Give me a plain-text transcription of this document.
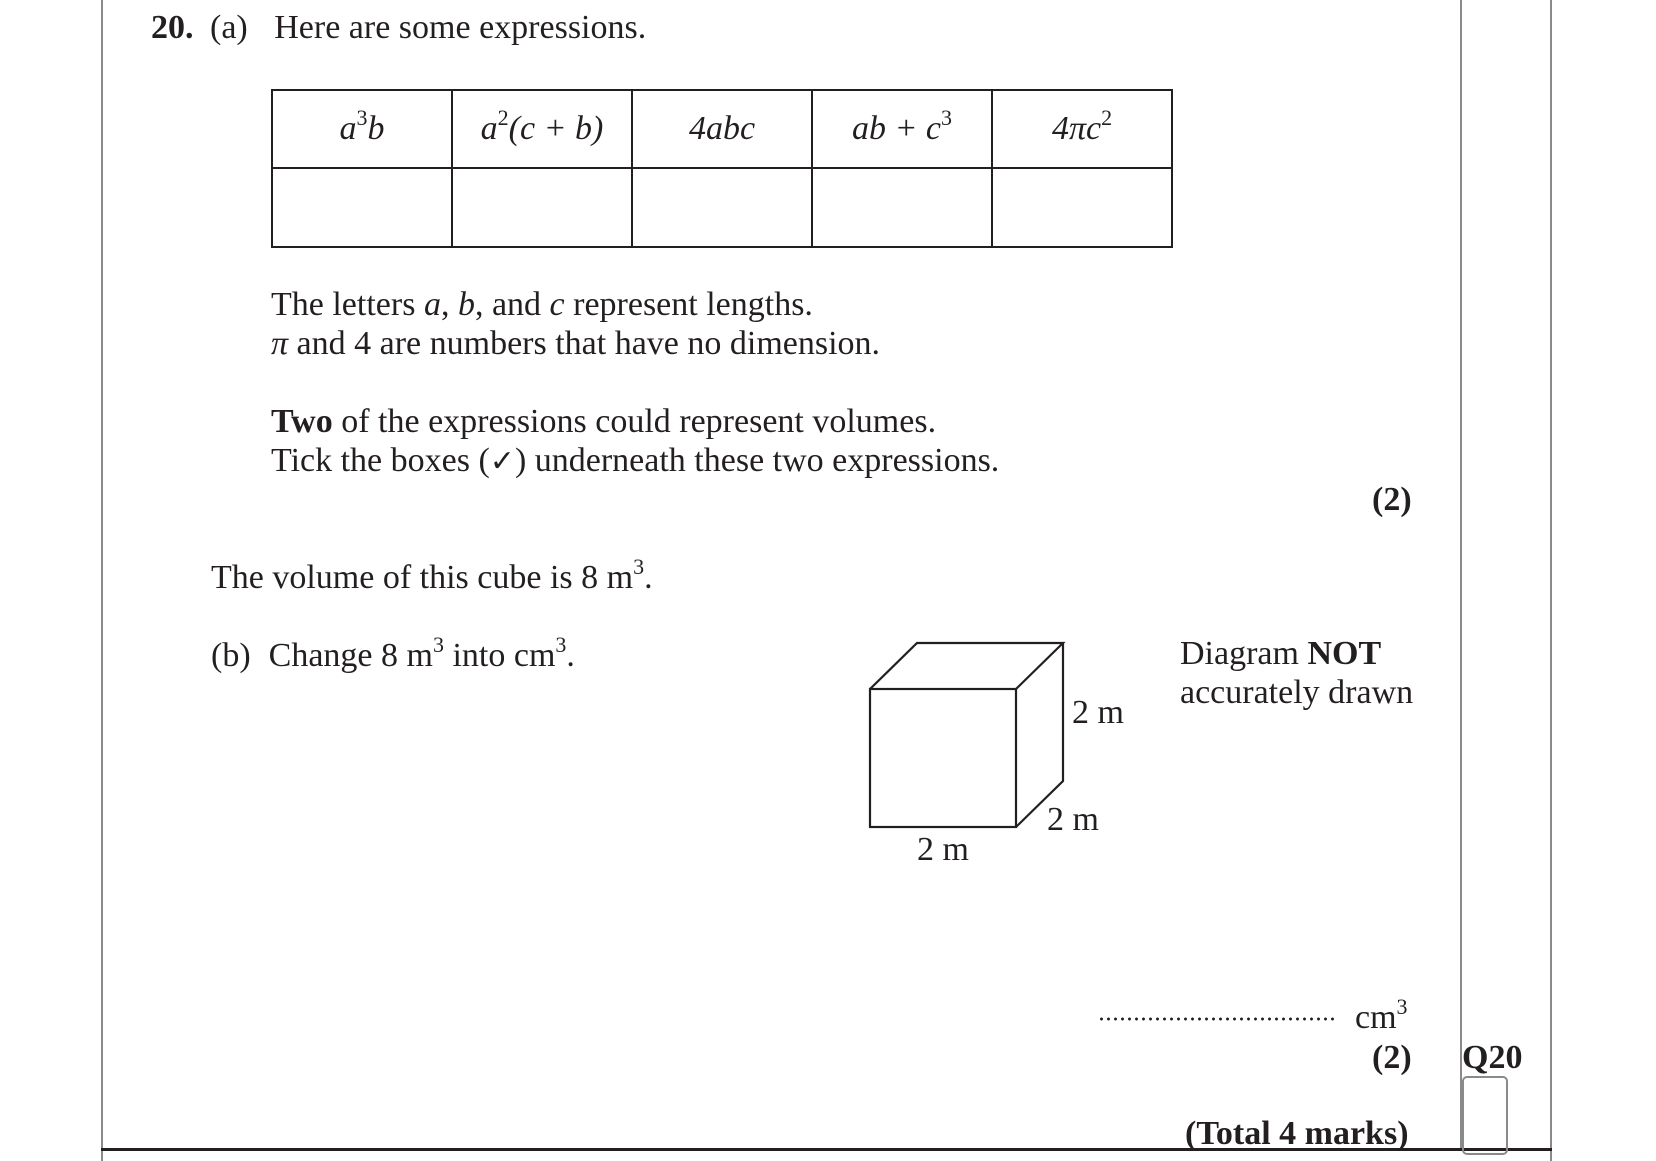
20. (a) Here are some expressions.
$a^3b$	$a^2(c + b)$	4abc	ab + $c^3$	$4\pi c^2$

The letters a, b, and c represent lengths.
π and 4 are numbers that have no dimension.
Two of the expressions could represent volumes.
Tick the boxes (✓) underneath these two expressions.
(2)
The volume of this cube is 8 $m^3$.
(b) Change 8 $m^3$ into $cm^3$.
2 m
2 m
2 m
Diagram NOT
accurately drawn
$cm^3$
(2) Q20
(Total 4 marks)
